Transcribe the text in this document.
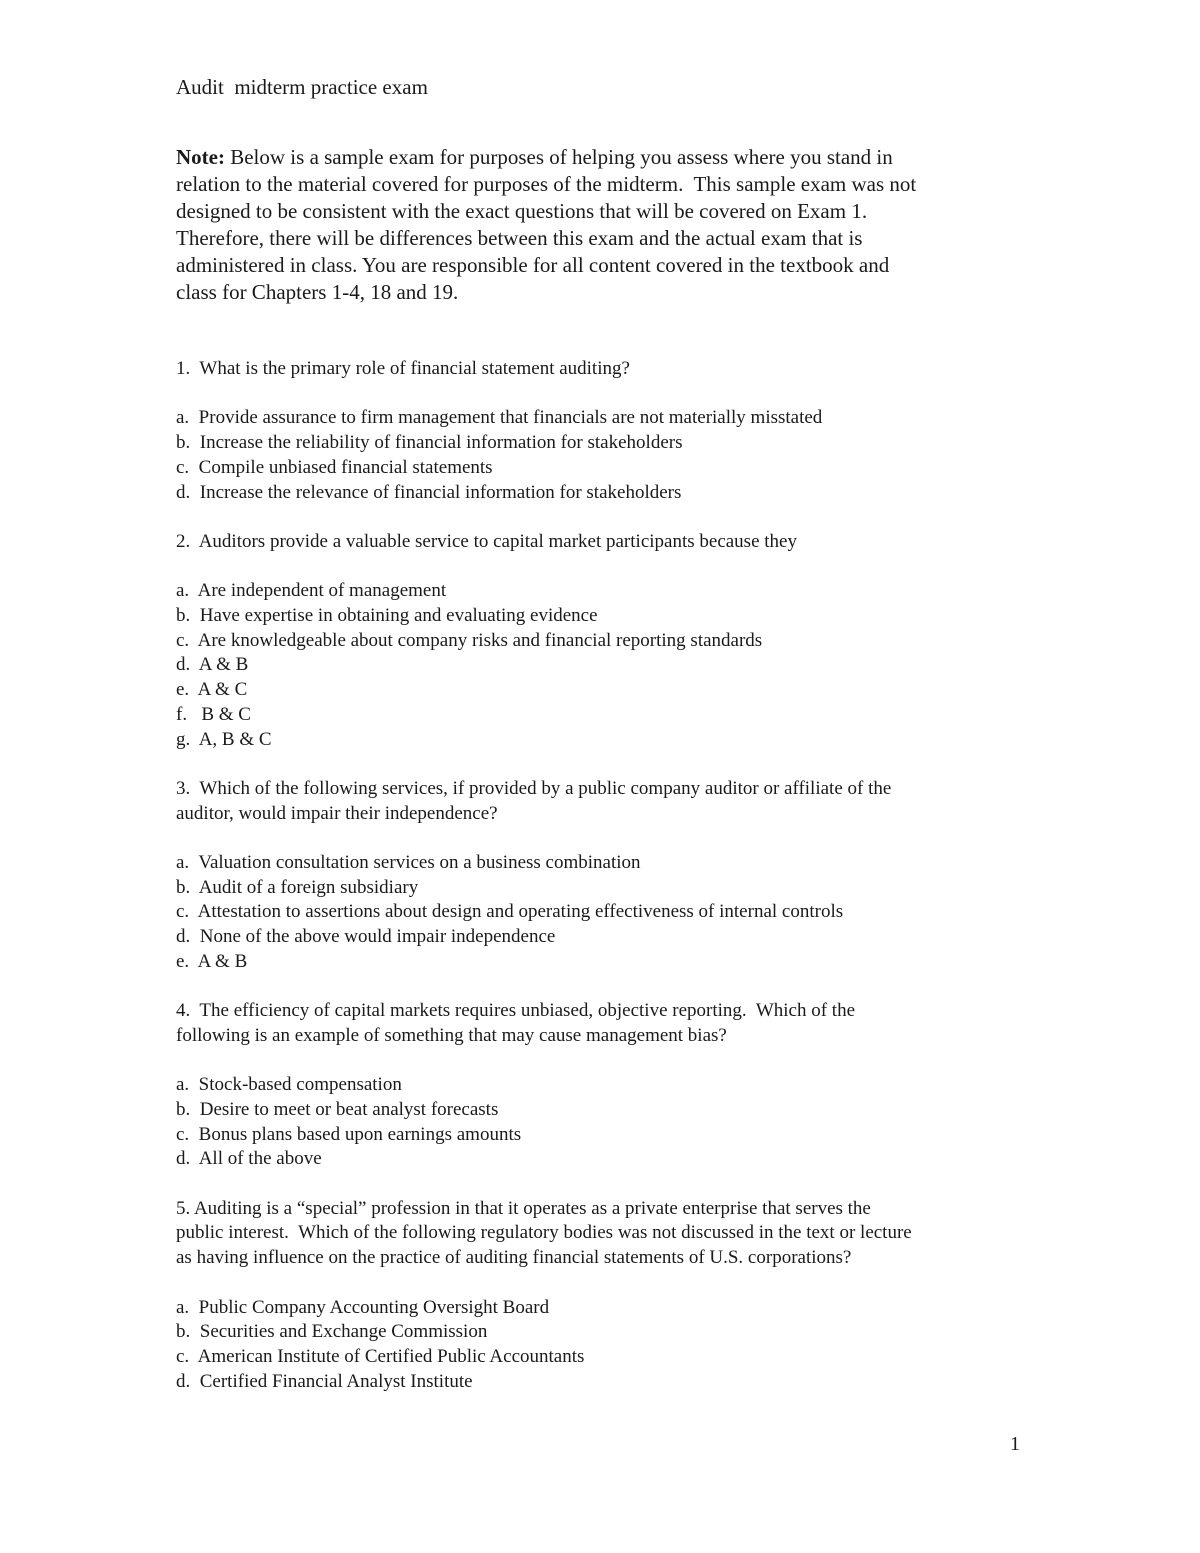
Audit  midterm practice exam
Note: Below is a sample exam for purposes of helping you assess where you stand in
relation to the material covered for purposes of the midterm.  This sample exam was not
designed to be consistent with the exact questions that will be covered on Exam 1.
Therefore, there will be differences between this exam and the actual exam that is
administered in class. You are responsible for all content covered in the textbook and
class for Chapters 1-4, 18 and 19.
1.  What is the primary role of financial statement auditing?
a.  Provide assurance to firm management that financials are not materially misstated
b.  Increase the reliability of financial information for stakeholders
c.  Compile unbiased financial statements
d.  Increase the relevance of financial information for stakeholders
2.  Auditors provide a valuable service to capital market participants because they
a.  Are independent of management
b.  Have expertise in obtaining and evaluating evidence
c.  Are knowledgeable about company risks and financial reporting standards
d.  A & B
e.  A & C
f.   B & C
g.  A, B & C
3.  Which of the following services, if provided by a public company auditor or affiliate of the
auditor, would impair their independence?
a.  Valuation consultation services on a business combination
b.  Audit of a foreign subsidiary
c.  Attestation to assertions about design and operating effectiveness of internal controls
d.  None of the above would impair independence
e.  A & B
4.  The efficiency of capital markets requires unbiased, objective reporting.  Which of the
following is an example of something that may cause management bias?
a.  Stock-based compensation
b.  Desire to meet or beat analyst forecasts
c.  Bonus plans based upon earnings amounts
d.  All of the above
5. Auditing is a “special” profession in that it operates as a private enterprise that serves the
public interest.  Which of the following regulatory bodies was not discussed in the text or lecture
as having influence on the practice of auditing financial statements of U.S. corporations?
a.  Public Company Accounting Oversight Board
b.  Securities and Exchange Commission
c.  American Institute of Certified Public Accountants
d.  Certified Financial Analyst Institute
1
